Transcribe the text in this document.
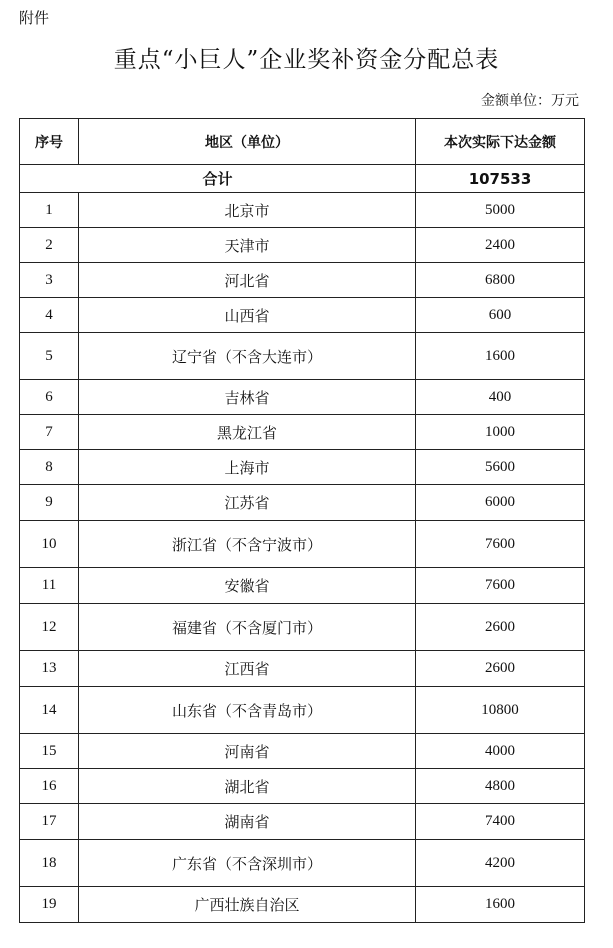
附件
重点“小巨人”企业奖补资金分配总表
金额单位：万元
序号	地区（单位）	本次实际下达金额
合计		107533
1	北京市	5000
2	天津市	2400
3	河北省	6800
4	山西省	600
5	辽宁省（不含大连市）	1600
6	吉林省	400
7	黑龙江省	1000
8	上海市	5600
9	江苏省	6000
10	浙江省（不含宁波市）	7600
11	安徽省	7600
12	福建省（不含厦门市）	2600
13	江西省	2600
14	山东省（不含青岛市）	10800
15	河南省	4000
16	湖北省	4800
17	湖南省	7400
18	广东省（不含深圳市）	4200
19	广西壮族自治区	1600
